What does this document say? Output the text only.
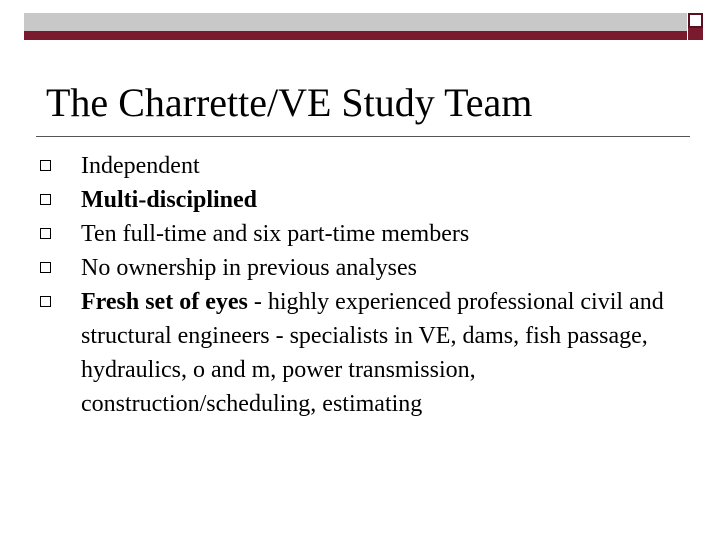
The Charrette/VE Study Team
Independent
Multi-disciplined
Ten full-time and six part-time members
No ownership in previous analyses
Fresh set of eyes - highly experienced professional civil and structural engineers - specialists in VE, dams, fish passage, hydraulics, o and m, power transmission, construction/scheduling, estimating
